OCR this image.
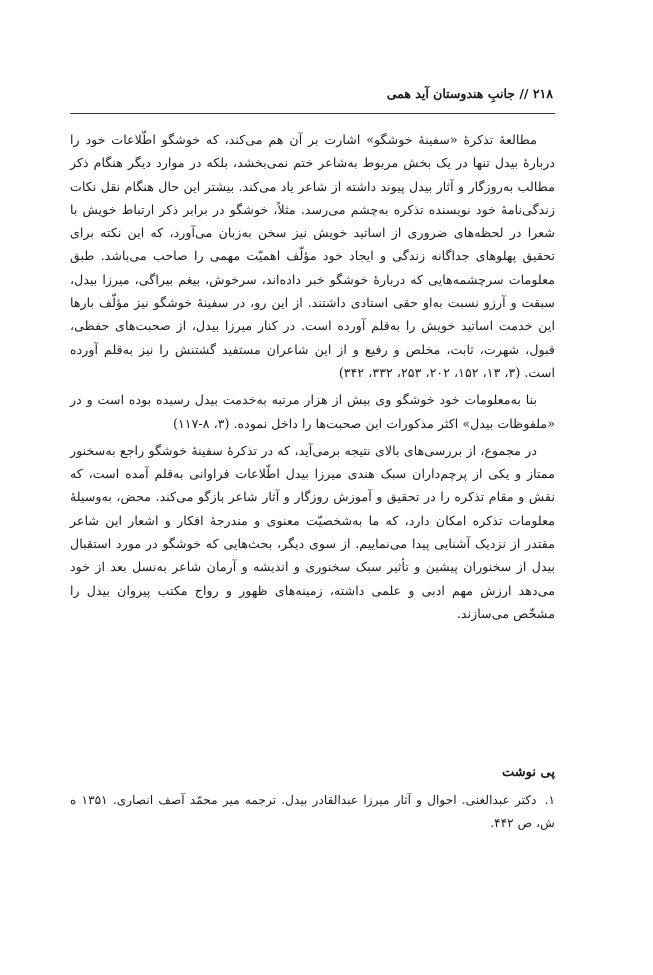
۲۱۸ // جانبِ هندوستان آید همی

مطالعۀ تذکرۀ «سفینۀ خوشگو» اشارت بر آن هم می‌کند، که خوشگو اطّلاعات خود را دربارۀ بیدل تنها در یک بخش مربوط به‌شاعر ختم نمی‌بخشد، بلکه در موارد دیگر هنگام ذکر مطالب به‌روزگار و آثار بیدل پیوند داشته از شاعر یاد می‌کند. بیشتر این حال هنگام نقل نکات زندگی‌نامۀ خود نویسنده تذکره به‌چشم می‌رسد. مثلاً، خوشگو در برابر ذکر ارتباط خویش با شعرا در لحظه‌های ضروری از اساتید خویش نیز سخن به‌زبان می‌آورد، که این نکته برای تحقیق پهلوهای جداگانه زندگی و ایجاد خود مؤلّف اهمیّت مهمی را صاحب می‌باشد. طبق معلومات سرچشمه‌هایی که دربارۀ خوشگو خبر داده‌اند، سرخوش، بیغم بیراگی، میرزا بیدل، سبقت و آرزو نسبت به‌او حقی استادی داشتند. از این رو، در سفینۀ خوشگو نیز مؤلّف بارها این خدمت اساتید خویش را به‌قلم آورده است. در کنار میرزا بیدل، از صحبت‌های حفظی، قبول، شهرت، ثابت، مخلص و رفیع و از این شاعران مستفید گشتنش را نیز به‌قلم آورده است. (۳، ۱۳، ۱۵۲، ۲۰۲، ۲۵۳، ۳۳۲، ۳۴۲)

بنا به‌معلومات خود خوشگو وی بیش از هزار مرتبه به‌خدمت بیدل رسیده بوده است و در «ملفوظات بیدل» اکثر مذکورات این صحبت‌ها را داخل نموده. (۳، ۸-۱۱۷)

در مجموع، از بررسی‌های بالای نتیجه برمی‌آید، که در تذکرۀ سفینۀ خوشگو راجع به‌سخنور ممتاز و یکی از پرچم‌داران سبک هندی میرزا بیدل اطّلاعات فراوانی به‌قلم آمده است، که نقش و مقام تذکره را در تحقیق و آموزش روزگار و آثار شاعر بازگو می‌کند. محض، به‌وسیلۀ معلومات تذکره امکان دارد، که ما به‌شخصیّت معنوی و مندرجۀ افکار و اشعار این شاعر مقتدر از نزدیک آشنایی پیدا می‌نماییم. از سوی دیگر، بحث‌هایی که خوشگو در مورد استقبال بیدل از سخنوران پیشین و تأثیر سبک سخنوری و اندیشه و آرمان شاعر به‌نسل بعد از خود می‌دهد ارزش مهم ادبی و علمی داشته، زمینه‌های ظهور و رواج مکتب پیروان بیدل را مشخّص می‌سازند.

پی نوشت
۱.دکتر عبدالغنی. احوال و آثار میرزا عبدالقادر بیدل. ترجمه میر محمّد آصف انصاری. ۱۳۵۱ ه ش، ص ۴۴۲.
